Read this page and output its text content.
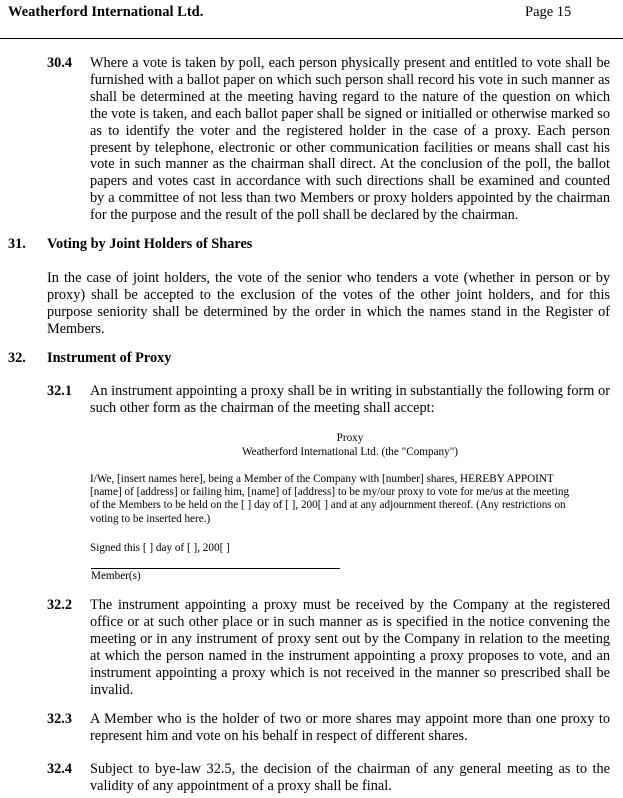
Weatherford International Ltd.	Page 15
30.4 Where a vote is taken by poll, each person physically present and entitled to vote shall be furnished with a ballot paper on which such person shall record his vote in such manner as shall be determined at the meeting having regard to the nature of the question on which the vote is taken, and each ballot paper shall be signed or initialled or otherwise marked so as to identify the voter and the registered holder in the case of a proxy. Each person present by telephone, electronic or other communication facilities or means shall cast his vote in such manner as the chairman shall direct. At the conclusion of the poll, the ballot papers and votes cast in accordance with such directions shall be examined and counted by a committee of not less than two Members or proxy holders appointed by the chairman for the purpose and the result of the poll shall be declared by the chairman.
31. Voting by Joint Holders of Shares
In the case of joint holders, the vote of the senior who tenders a vote (whether in person or by proxy) shall be accepted to the exclusion of the votes of the other joint holders, and for this purpose seniority shall be determined by the order in which the names stand in the Register of Members.
32. Instrument of Proxy
32.1 An instrument appointing a proxy shall be in writing in substantially the following form or such other form as the chairman of the meeting shall accept:
Proxy
Weatherford International Ltd. (the "Company")
I/We, [insert names here], being a Member of the Company with [number] shares, HEREBY APPOINT [name] of [address] or failing him, [name] of [address] to be my/our proxy to vote for me/us at the meeting of the Members to be held on the [ ] day of [ ], 200[ ] and at any adjournment thereof. (Any restrictions on voting to be inserted here.)
Signed this [ ] day of [ ], 200[ ]
Member(s)
32.2 The instrument appointing a proxy must be received by the Company at the registered office or at such other place or in such manner as is specified in the notice convening the meeting or in any instrument of proxy sent out by the Company in relation to the meeting at which the person named in the instrument appointing a proxy proposes to vote, and an instrument appointing a proxy which is not received in the manner so prescribed shall be invalid.
32.3 A Member who is the holder of two or more shares may appoint more than one proxy to represent him and vote on his behalf in respect of different shares.
32.4 Subject to bye-law 32.5, the decision of the chairman of any general meeting as to the validity of any appointment of a proxy shall be final.
